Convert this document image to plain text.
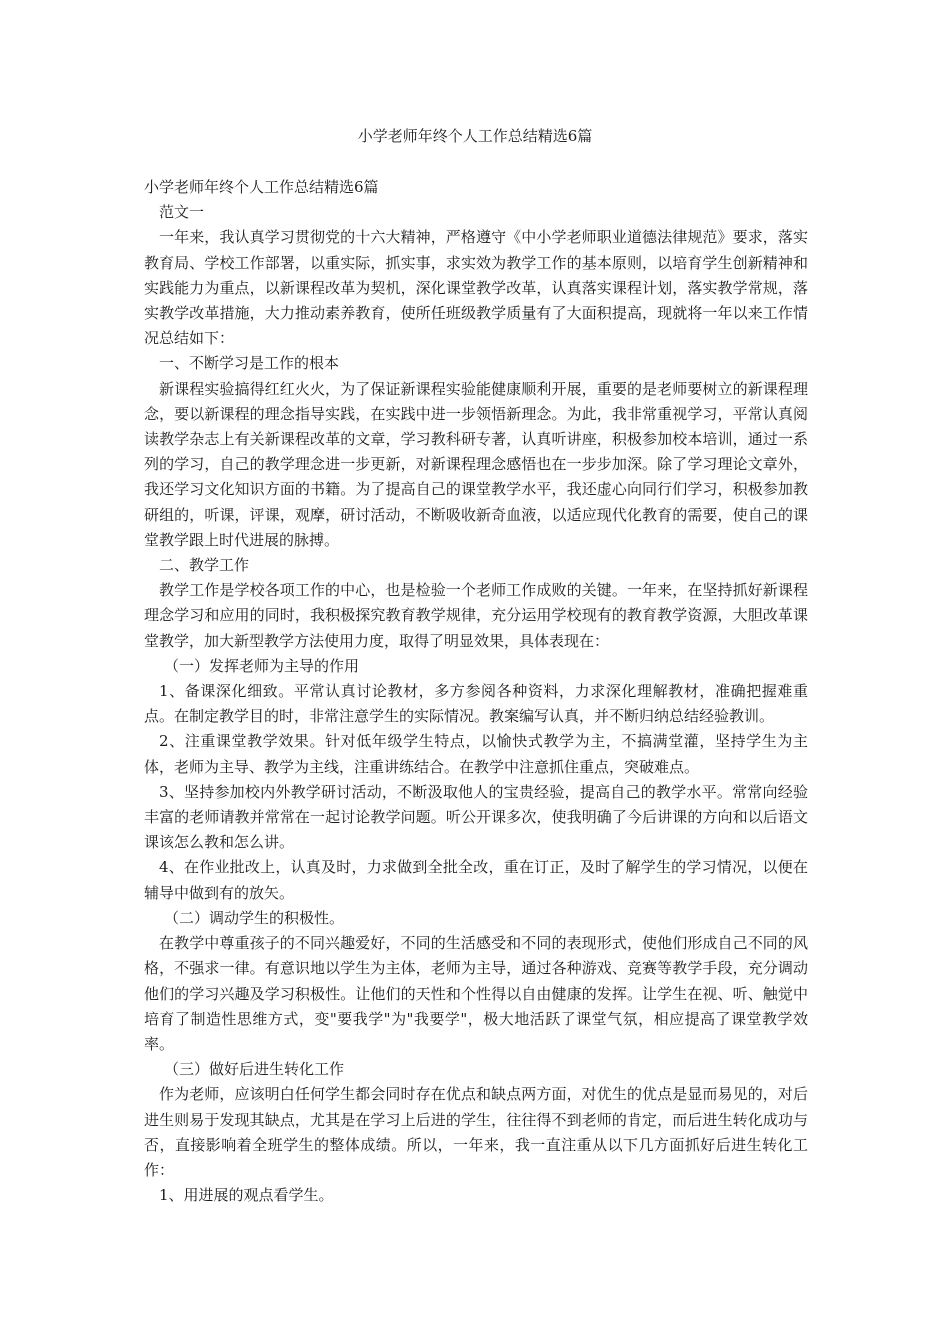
小学老师年终个人工作总结精选6篇

小学老师年终个人工作总结精选6篇

范文一

一年来，我认真学习贯彻党的十六大精神，严格遵守《中小学老师职业道德法律规范》要求，落实教育局、学校工作部署，以重实际，抓实事，求实效为教学工作的基本原则，以培育学生创新精神和实践能力为重点，以新课程改革为契机，深化课堂教学改革，认真落实课程计划，落实教学常规，落实教学改革措施，大力推动素养教育，使所任班级教学质量有了大面积提高，现就将一年以来工作情况总结如下：

一、不断学习是工作的根本

新课程实验搞得红红火火，为了保证新课程实验能健康顺利开展，重要的是老师要树立的新课程理念，要以新课程的理念指导实践，在实践中进一步领悟新理念。为此，我非常重视学习，平常认真阅读教学杂志上有关新课程改革的文章，学习教科研专著，认真听讲座，积极参加校本培训，通过一系列的学习，自己的教学理念进一步更新，对新课程理念感悟也在一步步加深。除了学习理论文章外，我还学习文化知识方面的书籍。为了提高自己的课堂教学水平，我还虚心向同行们学习，积极参加教研组的，听课，评课，观摩，研讨活动，不断吸收新奇血液，以适应现代化教育的需要，使自己的课堂教学跟上时代进展的脉搏。

二、教学工作

教学工作是学校各项工作的中心，也是检验一个老师工作成败的关键。一年来，在坚持抓好新课程理念学习和应用的同时，我积极探究教育教学规律，充分运用学校现有的教育教学资源，大胆改革课堂教学，加大新型教学方法使用力度，取得了明显效果，具体表现在：

（一）发挥老师为主导的作用

1、备课深化细致。平常认真讨论教材，多方参阅各种资料，力求深化理解教材，准确把握难重点。在制定教学目的时，非常注意学生的实际情况。教案编写认真，并不断归纳总结经验教训。

2、注重课堂教学效果。针对低年级学生特点，以愉快式教学为主，不搞满堂灌，坚持学生为主体，老师为主导、教学为主线，注重讲练结合。在教学中注意抓住重点，突破难点。

3、坚持参加校内外教学研讨活动，不断汲取他人的宝贵经验，提高自己的教学水平。常常向经验丰富的老师请教并常常在一起讨论教学问题。听公开课多次，使我明确了今后讲课的方向和以后语文课该怎么教和怎么讲。

4、在作业批改上，认真及时，力求做到全批全改，重在订正，及时了解学生的学习情况，以便在辅导中做到有的放矢。

（二）调动学生的积极性。

在教学中尊重孩子的不同兴趣爱好，不同的生活感受和不同的表现形式，使他们形成自己不同的风格，不强求一律。有意识地以学生为主体，老师为主导，通过各种游戏、竞赛等教学手段，充分调动他们的学习兴趣及学习积极性。让他们的天性和个性得以自由健康的发挥。让学生在视、听、触觉中培育了制造性思维方式，变"要我学"为"我要学"，极大地活跃了课堂气氛，相应提高了课堂教学效率。

（三）做好后进生转化工作

作为老师，应该明白任何学生都会同时存在优点和缺点两方面，对优生的优点是显而易见的，对后进生则易于发现其缺点，尤其是在学习上后进的学生，往往得不到老师的肯定，而后进生转化成功与否，直接影响着全班学生的整体成绩。所以，一年来，我一直注重从以下几方面抓好后进生转化工作：

1、用进展的观点看学生。
